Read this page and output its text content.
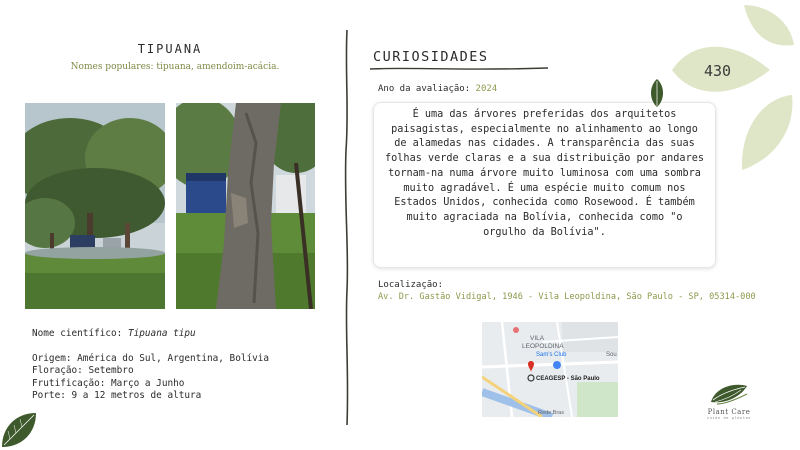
TIPUANA
Nomes populares: tipuana, amendoim-acácia.
Nome científico: Tipuana tipu
Origem: América do Sul, Argentina, Bolívia
Floração: Setembro
Frutificação: Março a Junho
Porte: 9 a 12 metros de altura
CURIOSIDADES
Ano da avaliação: 2024

É uma das árvores preferidas dos arquitetos paisagistas, especialmente no alinhamento ao longo de alamedas nas cidades. A transparência das suas folhas verde claras e a sua distribuição por andares tornam-na numa árvore muito luminosa com uma sombra muito agradável. É uma espécie muito comum nos Estados Unidos, conhecida como Rosewood. É também muito agraciada na Bolívia, conhecida como "o orgulho da Bolívia".

Localização:
Av. Dr. Gastão Vidigal, 1946 - Vila Leopoldina, São Paulo - SP, 05314-000
VILA
LEOPOLDINA
Sam's Club	Sou
CEAGESP - São Paulo
Rede Bras
430
Plant Care
cuide de plantas
